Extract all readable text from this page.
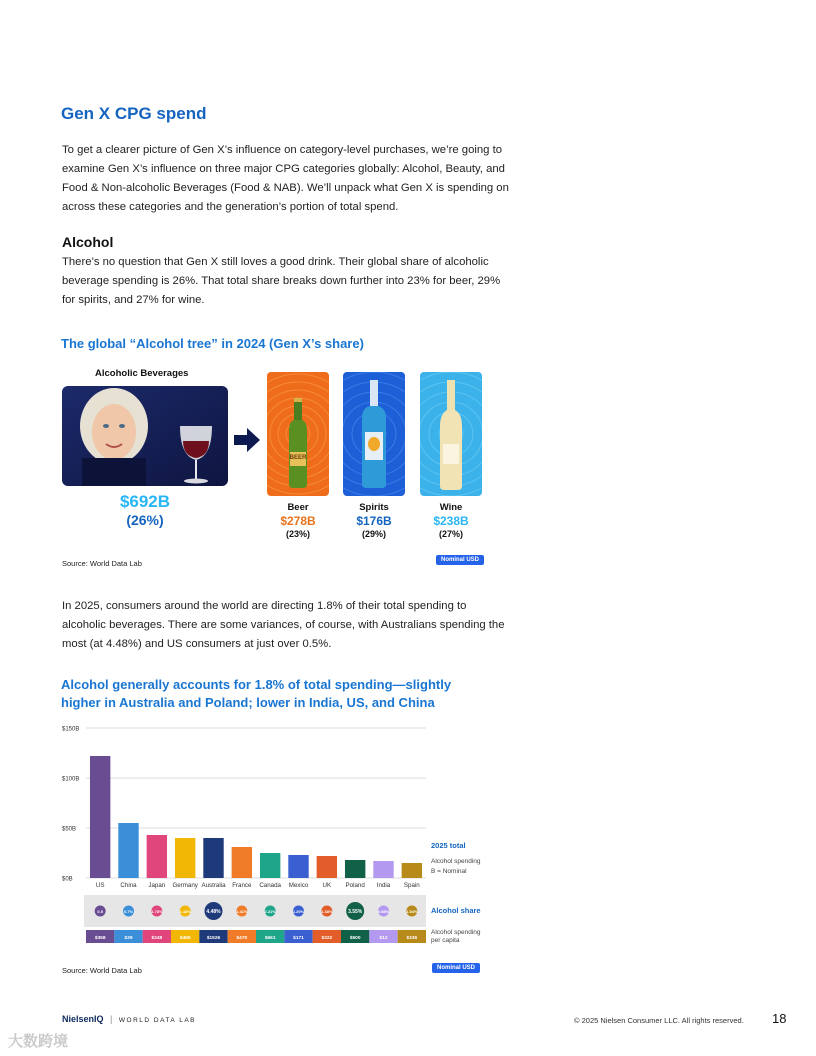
Gen X CPG spend
To get a clearer picture of Gen X’s influence on category-level purchases, we’re going to examine Gen X’s influence on three major CPG categories globally: Alcohol, Beauty, and Food & Non-alcoholic Beverages (Food & NAB). We’ll unpack what Gen X is spending on across these categories and the generation’s portion of total spend.
Alcohol
There’s no question that Gen X still loves a good drink. Their global share of alcoholic beverage spending is 26%. That total share breaks down further into 23% for beer, 29% for spirits, and 27% for wine.
The global “Alcohol tree” in 2024 (Gen X’s share)
Alcoholic Beverages
$692B
(26%)
BEER
Beer
$278B
(23%)
Spirits
$176B
(29%)
Wine
$238B
(27%)
Source: World Data Lab	Nominal USD
In 2025, consumers around the world are directing 1.8% of their total spending to alcoholic beverages. There are some variances, of course, with Australians spending the most (at 4.48%) and US consumers at just over 0.5%.
Alcohol generally accounts for 1.8% of total spending—slightly
higher in Australia and Poland; lower in India, US, and China
$0B
$50B
$100B
$150B
US	China Japan Germany Australia France Canada Mexico UK Poland India Spain
$358	$39	$348	$485	$1526	$470	$661	$171	$322	$500	$12	$336
0.5	0.7%	1.78%	1.43%	4.48%	1.41%	2.21%	1.20%	1.38%	3.55%	0.58%	1.54%
2025 total
Alcohol spending
B = Nominal
Alcohol share
Alcohol spending
per capita
Source: World Data Lab	Nominal USD
NielsenIQ | WORLD DATA LAB	© 2025 Nielsen Consumer LLC. All rights reserved. 18
大数跨境
